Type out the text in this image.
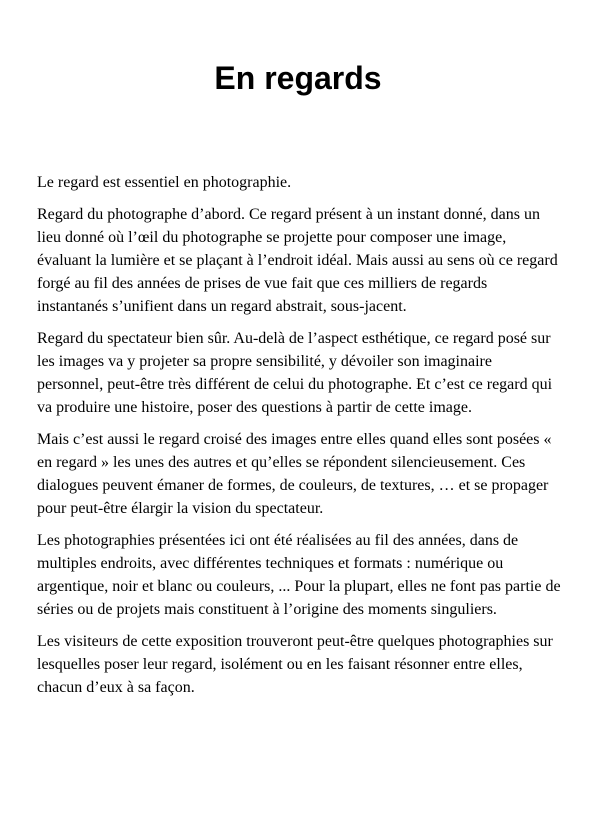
En regards

Le regard est essentiel en photographie.

Regard du photographe d’abord. Ce regard présent à un instant donné, dans un lieu donné où l’œil du photographe se projette pour composer une image, évaluant la lumière et se plaçant à l’endroit idéal. Mais aussi au sens où ce regard forgé au fil des années de prises de vue fait que ces milliers de regards instantanés s’unifient dans un regard abstrait, sous-jacent.

Regard du spectateur bien sûr. Au-delà de l’aspect esthétique, ce regard posé sur les images va y projeter sa propre sensibilité, y dévoiler son imaginaire personnel, peut-être très différent de celui du photographe. Et c’est ce regard qui va produire une histoire, poser des questions à partir de cette image.

Mais c’est aussi le regard croisé des images entre elles quand elles sont posées « en regard » les unes des autres et qu’elles se répondent silencieusement. Ces dialogues peuvent émaner de formes, de couleurs, de textures, … et se propager pour peut-être élargir la vision du spectateur.

Les photographies présentées ici ont été réalisées au fil des années, dans de multiples endroits, avec différentes techniques et formats : numérique ou argentique, noir et blanc ou couleurs, ... Pour la plupart, elles ne font pas partie de séries ou de projets mais constituent à l’origine des moments singuliers.

Les visiteurs de cette exposition trouveront peut-être quelques photographies sur lesquelles poser leur regard, isolément ou en les faisant résonner entre elles, chacun d’eux à sa façon.
